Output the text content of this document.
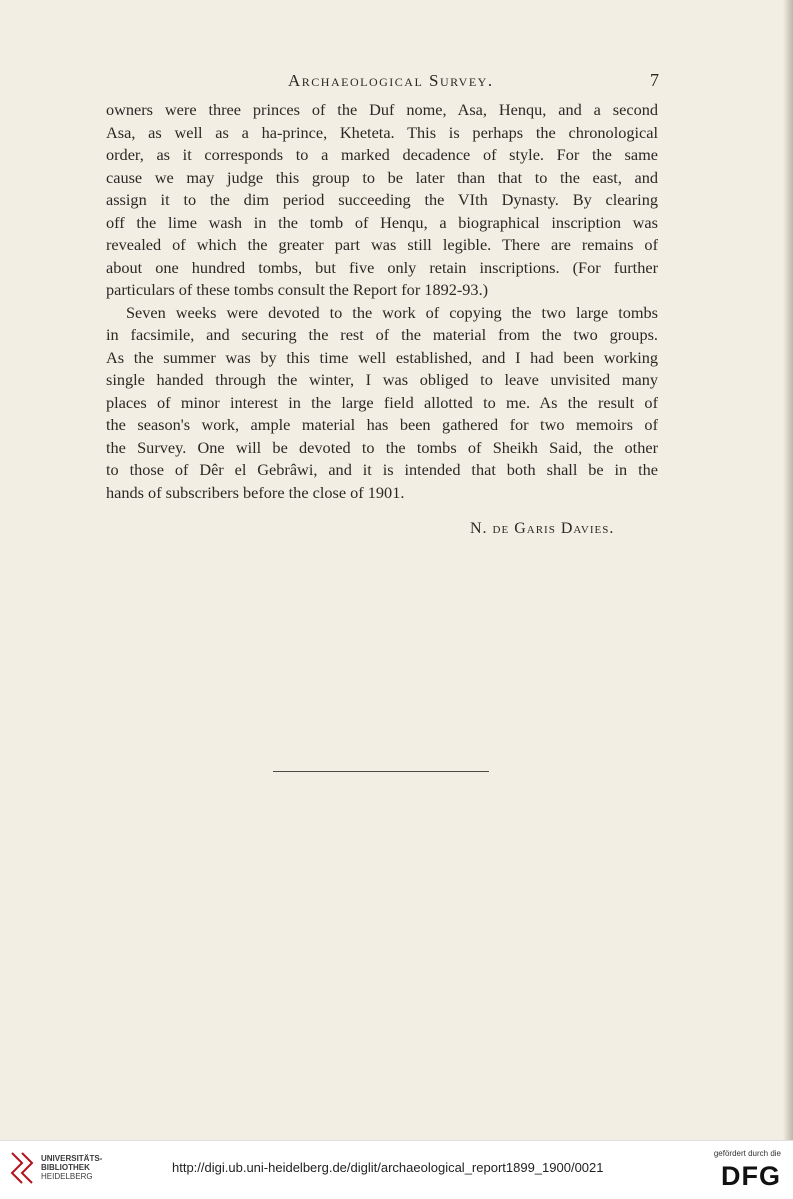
Archaeological Survey.	7
owners were three princes of the Duf nome, Asa, Henqu, and a second
Asa, as well as a ha-prince, Kheteta. This is perhaps the chronological
order, as it corresponds to a marked decadence of style. For the same
cause we may judge this group to be later than that to the east, and
assign it to the dim period succeeding the VIth Dynasty. By clearing
off the lime wash in the tomb of Henqu, a biographical inscription was
revealed of which the greater part was still legible. There are remains of
about one hundred tombs, but five only retain inscriptions. (For further
particulars of these tombs consult the Report for 1892-93.)
Seven weeks were devoted to the work of copying the two large tombs
in facsimile, and securing the rest of the material from the two groups.
As the summer was by this time well established, and I had been working
single handed through the winter, I was obliged to leave unvisited many
places of minor interest in the large field allotted to me. As the result of
the season's work, ample material has been gathered for two memoirs of
the Survey. One will be devoted to the tombs of Sheikh Said, the other
to those of Dêr el Gebrâwi, and it is intended that both shall be in the
hands of subscribers before the close of 1901.
N. de Garis Davies.
UNIVERSITÄTS-
BIBLIOTHEK
HEIDELBERG
http://digi.ub.uni-heidelberg.de/diglit/archaeological_report1899_1900/0021
gefördert durch die
DFG
